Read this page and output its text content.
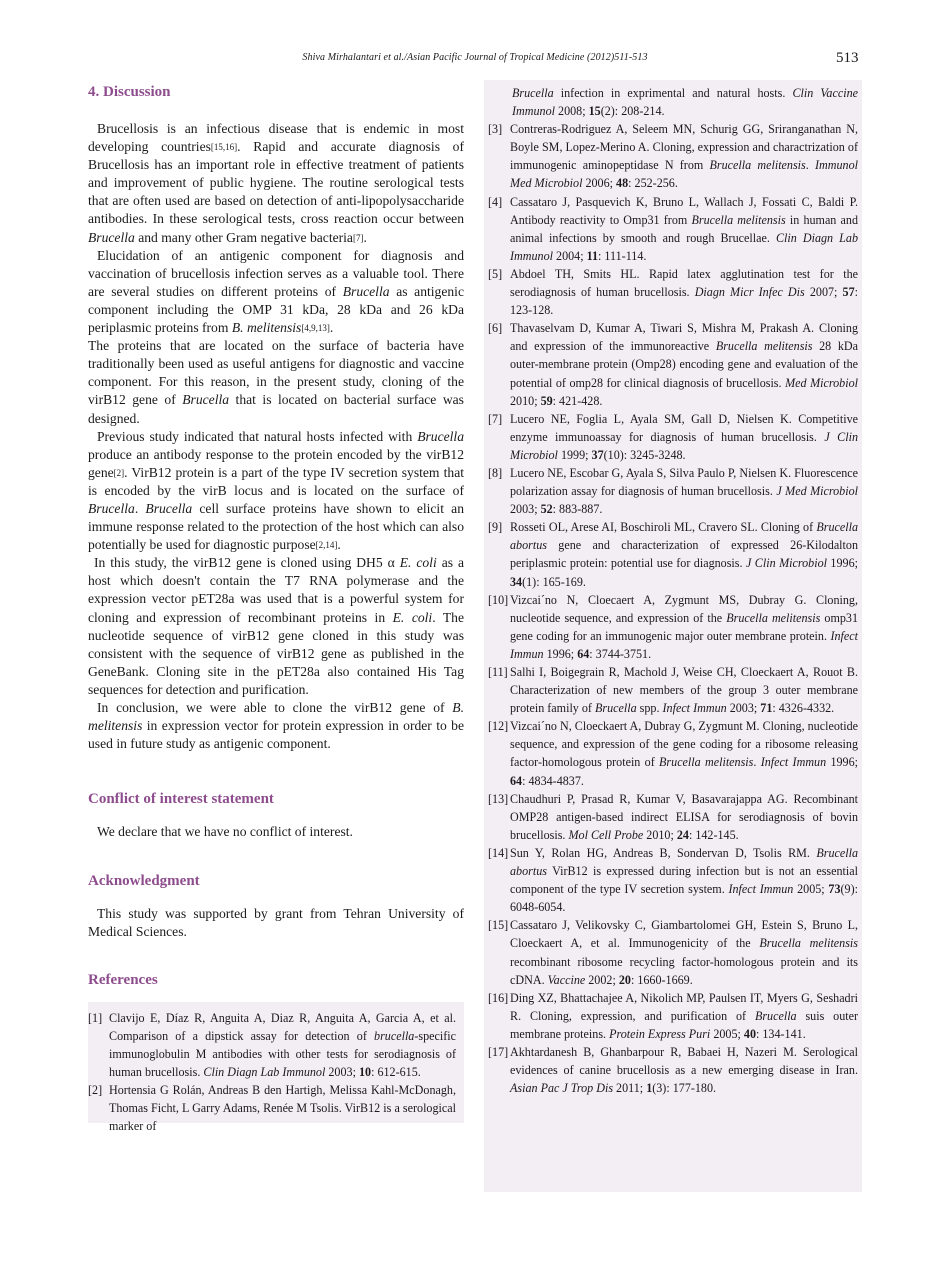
Shiva Mirhalantari et al./Asian Pacific Journal of Tropical Medicine (2012)511-513	513
4. Discussion

Brucellosis is an infectious disease that is endemic in most developing countries[15,16]. Rapid and accurate diagnosis of Brucellosis has an important role in effective treatment of patients and improvement of public hygiene. The routine serological tests that are often used are based on detection of anti-lipopolysaccharide antibodies. In these serological tests, cross reaction occur between Brucella and many other Gram negative bacteria[7].

Elucidation of an antigenic component for diagnosis and vaccination of brucellosis infection serves as a valuable tool. There are several studies on different proteins of Brucella as antigenic component including the OMP 31 kDa, 28 kDa and 26 kDa periplasmic proteins from B. melitensis[4,9,13].

The proteins that are located on the surface of bacteria have traditionally been used as useful antigens for diagnostic and vaccine component. For this reason, in the present study, cloning of the virB12 gene of Brucella that is located on bacterial surface was designed.

Previous study indicated that natural hosts infected with Brucella produce an antibody response to the protein encoded by the virB12 gene[2]. VirB12 protein is a part of the type IV secretion system that is encoded by the virB locus and is located on the surface of Brucella. Brucella cell surface proteins have shown to elicit an immune response related to the protection of the host which can also potentially be used for diagnostic purpose[2,14].

In this study, the virB12 gene is cloned using DH5 α E. coli as a host which doesn't contain the T7 RNA polymerase and the expression vector pET28a was used that is a powerful system for cloning and expression of recombinant proteins in E. coli. The nucleotide sequence of virB12 gene cloned in this study was consistent with the sequence of virB12 gene as published in the GeneBank. Cloning site in the pET28a also contained His Tag sequences for detection and purification.

In conclusion, we were able to clone the virB12 gene of B. melitensis in expression vector for protein expression in order to be used in future study as antigenic component.

Conflict of interest statement

We declare that we have no conflict of interest.

Acknowledgment

This study was supported by grant from Tehran University of Medical Sciences.

References
[1] Clavijo E, Díaz R, Anguita A, Diaz R, Anguita A, Garcia A, et al. Comparison of a dipstick assay for detection of brucella-specific immunoglobulin M antibodies with other tests for serodiagnosis of human brucellosis. Clin Diagn Lab Immunol 2003; 10: 612-615.
[2] Hortensia G Rolán, Andreas B den Hartigh, Melissa Kahl-McDonagh, Thomas Ficht, L Garry Adams, Renée M Tsolis. VirB12 is a serological marker of
Brucella infection in exprimental and natural hosts. Clin Vaccine Immunol 2008; 15(2): 208-214.
[3] Contreras-Rodriguez A, Seleem MN, Schurig GG, Sriranganathan N, Boyle SM, Lopez-Merino A. Cloning, expression and charactrization of immunogenic aminopeptidase N from Brucella melitensis. Immunol Med Microbiol 2006; 48: 252-256.
[4] Cassataro J, Pasquevich K, Bruno L, Wallach J, Fossati C, Baldi P. Antibody reactivity to Omp31 from Brucella melitensis in human and animal infections by smooth and rough Brucellae. Clin Diagn Lab Immunol 2004; 11: 111-114.
[5] Abdoel TH, Smits HL. Rapid latex agglutination test for the serodiagnosis of human brucellosis. Diagn Micr Infec Dis 2007; 57: 123-128.
[6] Thavaselvam D, Kumar A, Tiwari S, Mishra M, Prakash A. Cloning and expression of the immunoreactive Brucella melitensis 28 kDa outer-membrane protein (Omp28) encoding gene and evaluation of the potential of omp28 for clinical diagnosis of brucellosis. Med Microbiol 2010; 59: 421-428.
[7] Lucero NE, Foglia L, Ayala SM, Gall D, Nielsen K. Competitive enzyme immunoassay for diagnosis of human brucellosis. J Clin Microbiol 1999; 37(10): 3245-3248.
[8] Lucero NE, Escobar G, Ayala S, Silva Paulo P, Nielsen K. Fluorescence polarization assay for diagnosis of human brucellosis. J Med Microbiol 2003; 52: 883-887.
[9] Rosseti OL, Arese AI, Boschiroli ML, Cravero SL. Cloning of Brucella abortus gene and characterization of expressed 26-Kilodalton periplasmic protein: potential use for diagnosis. J Clin Microbiol 1996; 34(1): 165-169.
[10] Vizcai´no N, Cloecaert A, Zygmunt MS, Dubray G. Cloning, nucleotide sequence, and expression of the Brucella melitensis omp31 gene coding for an immunogenic major outer membrane protein. Infect Immun 1996; 64: 3744-3751.
[11] Salhi I, Boigegrain R, Machold J, Weise CH, Cloeckaert A, Rouot B. Characterization of new members of the group 3 outer membrane protein family of Brucella spp. Infect Immun 2003; 71: 4326-4332.
[12] Vizcai´no N, Cloeckaert A, Dubray G, Zygmunt M. Cloning, nucleotide sequence, and expression of the gene coding for a ribosome releasing factor-homologous protein of Brucella melitensis. Infect Immun 1996; 64: 4834-4837.
[13] Chaudhuri P, Prasad R, Kumar V, Basavarajappa AG. Recombinant OMP28 antigen-based indirect ELISA for serodiagnosis of bovin brucellosis. Mol Cell Probe 2010; 24: 142-145.
[14] Sun Y, Rolan HG, Andreas B, Sondervan D, Tsolis RM. Brucella abortus VirB12 is expressed during infection but is not an essential component of the type IV secretion system. Infect Immun 2005; 73(9): 6048-6054.
[15] Cassataro J, Velikovsky C, Giambartolomei GH, Estein S, Bruno L, Cloeckaert A, et al. Immunogenicity of the Brucella melitensis recombinant ribosome recycling factor-homologous protein and its cDNA. Vaccine 2002; 20: 1660-1669.
[16] Ding XZ, Bhattachajee A, Nikolich MP, Paulsen IT, Myers G, Seshadri R. Cloning, expression, and purification of Brucella suis outer membrane proteins. Protein Express Puri 2005; 40: 134-141.
[17] Akhtardanesh B, Ghanbarpour R, Babaei H, Nazeri M. Serological evidences of canine brucellosis as a new emerging disease in Iran. Asian Pac J Trop Dis 2011; 1(3): 177-180.
